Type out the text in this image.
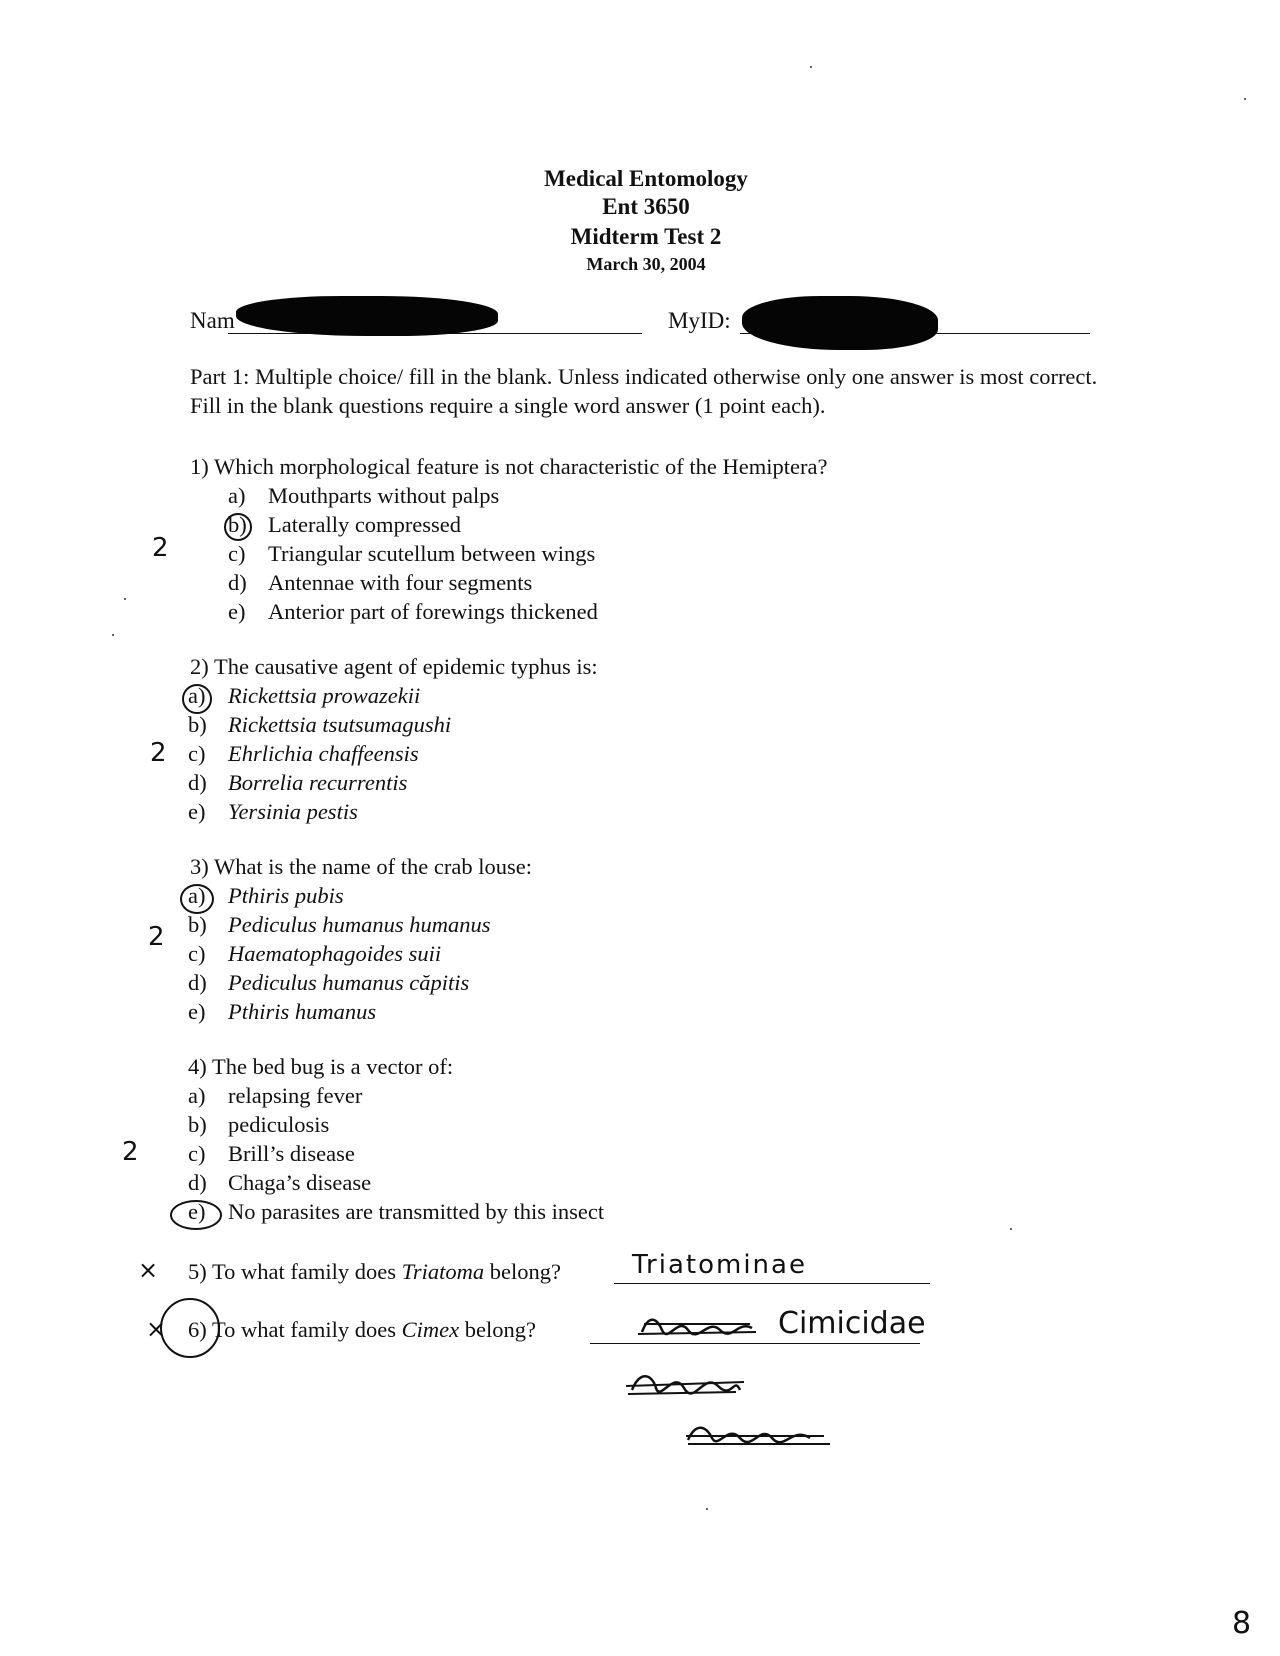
Medical Entomology
Ent 3650
Midterm Test 2
March 30, 2004
Nam	MyID:
Part 1: Multiple choice/ fill in the blank. Unless indicated otherwise only one answer is most correct. Fill in the blank questions require a single word answer (1 point each).
1) Which morphological feature is not characteristic of the Hemiptera?
a) Mouthparts without palps
b) Laterally compressed
c) Triangular scutellum between wings
d) Antennae with four segments
e) Anterior part of forewings thickened
2
2) The causative agent of epidemic typhus is:
a) Rickettsia prowazekii
b) Rickettsia tsutsumagushi
c) Ehrlichia chaffeensis
d) Borrelia recurrentis
e) Yersinia pestis
2
3) What is the name of the crab louse:
a) Pthiris pubis
b) Pediculus humanus humanus
c) Haematophagoides suii
d) Pediculus humanus căpitis
e) Pthiris humanus
2
4) The bed bug is a vector of:
a) relapsing fever
b) pediculosis
c) Brill’s disease
d) Chaga’s disease
e) No parasites are transmitted by this insect
2
× 5) To what family does Triatoma belong?	Triatominae
× 6) To what family does Cimex belong?	Cimicidae
8
